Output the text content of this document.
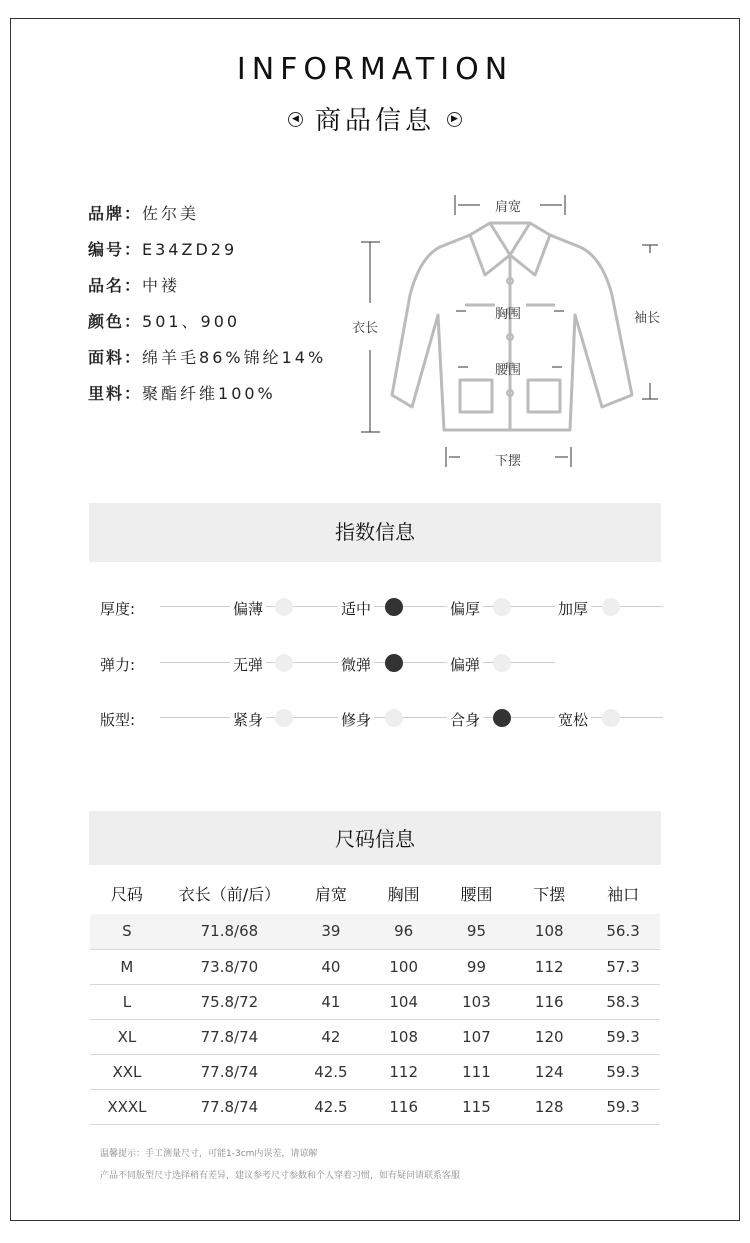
INFORMATION
◀ 商品信息 ▶
品牌：佐尔美
编号：E34ZD29
品名：中褛
颜色：501、900
面料：绵羊毛86%锦纶14%
里料：聚酯纤维100%
肩宽
衣长
胸围
腰围
袖长
下摆
指数信息
厚度:	偏薄	适中	偏厚	加厚
弹力:	无弹	微弹	偏弹
版型:	紧身	修身	合身	宽松
尺码信息
尺码	衣长（前/后）	肩宽	胸围	腰围	下摆	袖口
S	71.8/68	39	96	95	108	56.3
M	73.8/70	40	100	99	112	57.3
L	75.8/72	41	104	103	116	58.3
XL	77.8/74	42	108	107	120	59.3
XXL	77.8/74	42.5	112	111	124	59.3
XXXL	77.8/74	42.5	116	115	128	59.3
温馨提示：手工测量尺寸，可能1-3cm内误差，请谅解
产品不同版型尺寸选择稍有差异，建议参考尺寸参数和个人穿着习惯，如有疑问请联系客服
